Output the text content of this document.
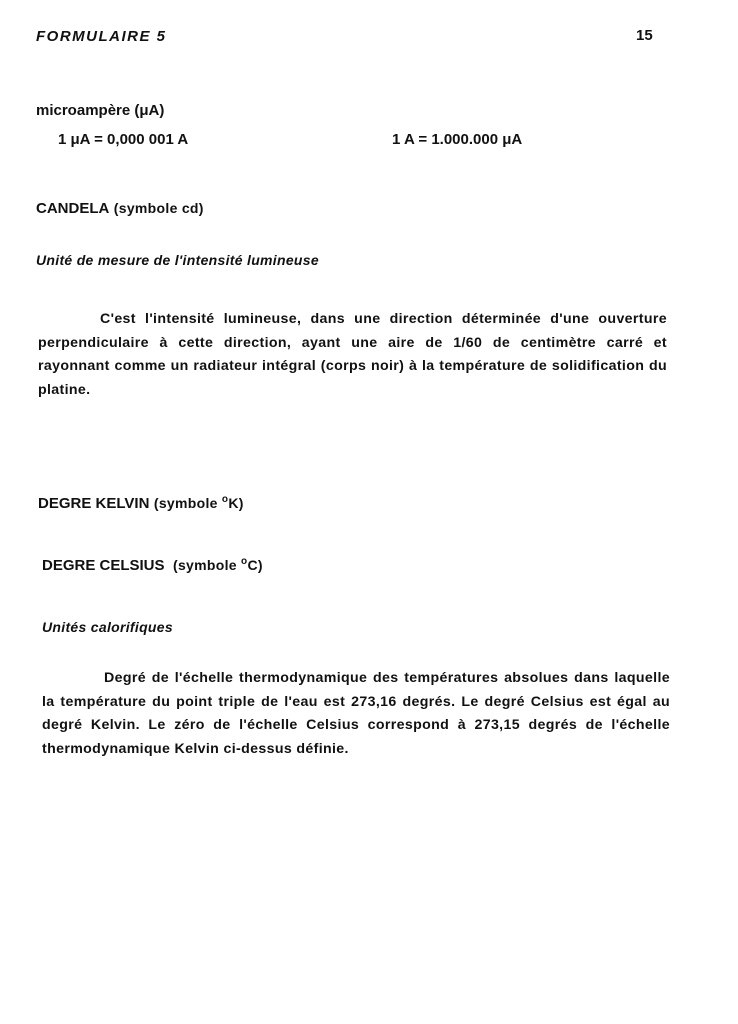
FORMULAIRE 5	15
microampère (μA)
1 μA = 0,000 001 A	1 A = 1.000.000 μA
CANDELA (symbole cd)
Unité de mesure de l'intensité lumineuse
C'est l'intensité lumineuse, dans une direction déterminée d'une ouverture perpendiculaire à cette direction, ayant une aire de 1/60 de centimètre carré et rayonnant comme un radiateur intégral (corps noir) à la température de solidification du platine.
DEGRE KELVIN (symbole $^o$K)
DEGRE CELSIUS (symbole $^o$C)
Unités calorifiques
Degré de l'échelle thermodynamique des températures absolues dans laquelle la température du point triple de l'eau est 273,16 degrés. Le degré Celsius est égal au degré Kelvin. Le zéro de l'échelle Celsius correspond à 273,15 degrés de l'échelle thermodynamique Kelvin ci-dessus définie.
